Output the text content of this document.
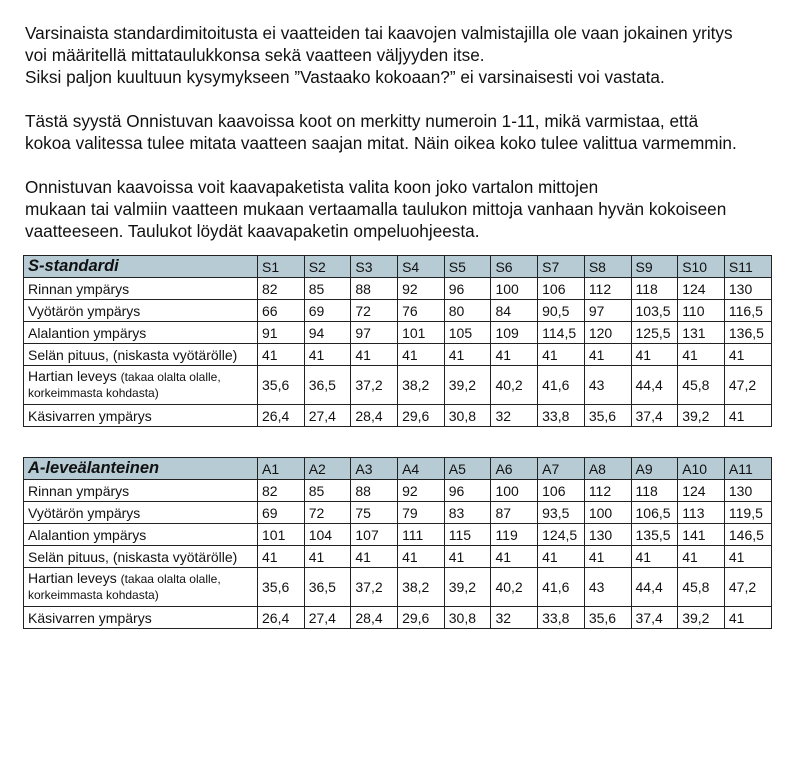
Varsinaista standardimitoitusta ei vaatteiden tai kaavojen valmistajilla ole vaan jokainen yritys
voi määritellä mittataulukkonsa sekä vaatteen väljyyden itse.
Siksi paljon kuultuun kysymykseen ”Vastaako kokoaan?” ei varsinaisesti voi vastata.

Tästä syystä Onnistuvan kaavoissa koot on merkitty numeroin 1-11, mikä varmistaa, että
kokoa valitessa tulee mitata vaatteen saajan mitat. Näin oikea koko tulee valittua varmemmin.

Onnistuvan kaavoissa voit kaavapaketista valita koon joko vartalon mittojen
mukaan tai valmiin vaatteen mukaan vertaamalla taulukon mittoja vanhaan hyvän kokoiseen
vaatteeseen. Taulukot löydät kaavapaketin ompeluohjeesta.

S-standardi	S1	S2	S3	S4	S5	S6	S7	S8	S9	S10	S11
Rinnan ympärys	82	85	88	92	96	100	106	112	118	124	130
Vyötärön ympärys	66	69	72	76	80	84	90,5	97	103,5	110	116,5
Alalantion ympärys	91	94	97	101	105	109	114,5	120	125,5	131	136,5
Selän pituus, (niskasta vyötärölle)	41	41	41	41	41	41	41	41	41	41	41
Hartian leveys (takaa olalta olalle, korkeimmasta kohdasta)	35,6	36,5	37,2	38,2	39,2	40,2	41,6	43	44,4	45,8	47,2
Käsivarren ympärys	26,4	27,4	28,4	29,6	30,8	32	33,8	35,6	37,4	39,2	41
A-leveälanteinen	A1	A2	A3	A4	A5	A6	A7	A8	A9	A10	A11
Rinnan ympärys	82	85	88	92	96	100	106	112	118	124	130
Vyötärön ympärys	69	72	75	79	83	87	93,5	100	106,5	113	119,5
Alalantion ympärys	101	104	107	111	115	119	124,5	130	135,5	141	146,5
Selän pituus, (niskasta vyötärölle)	41	41	41	41	41	41	41	41	41	41	41
Hartian leveys (takaa olalta olalle, korkeimmasta kohdasta)	35,6	36,5	37,2	38,2	39,2	40,2	41,6	43	44,4	45,8	47,2
Käsivarren ympärys	26,4	27,4	28,4	29,6	30,8	32	33,8	35,6	37,4	39,2	41
